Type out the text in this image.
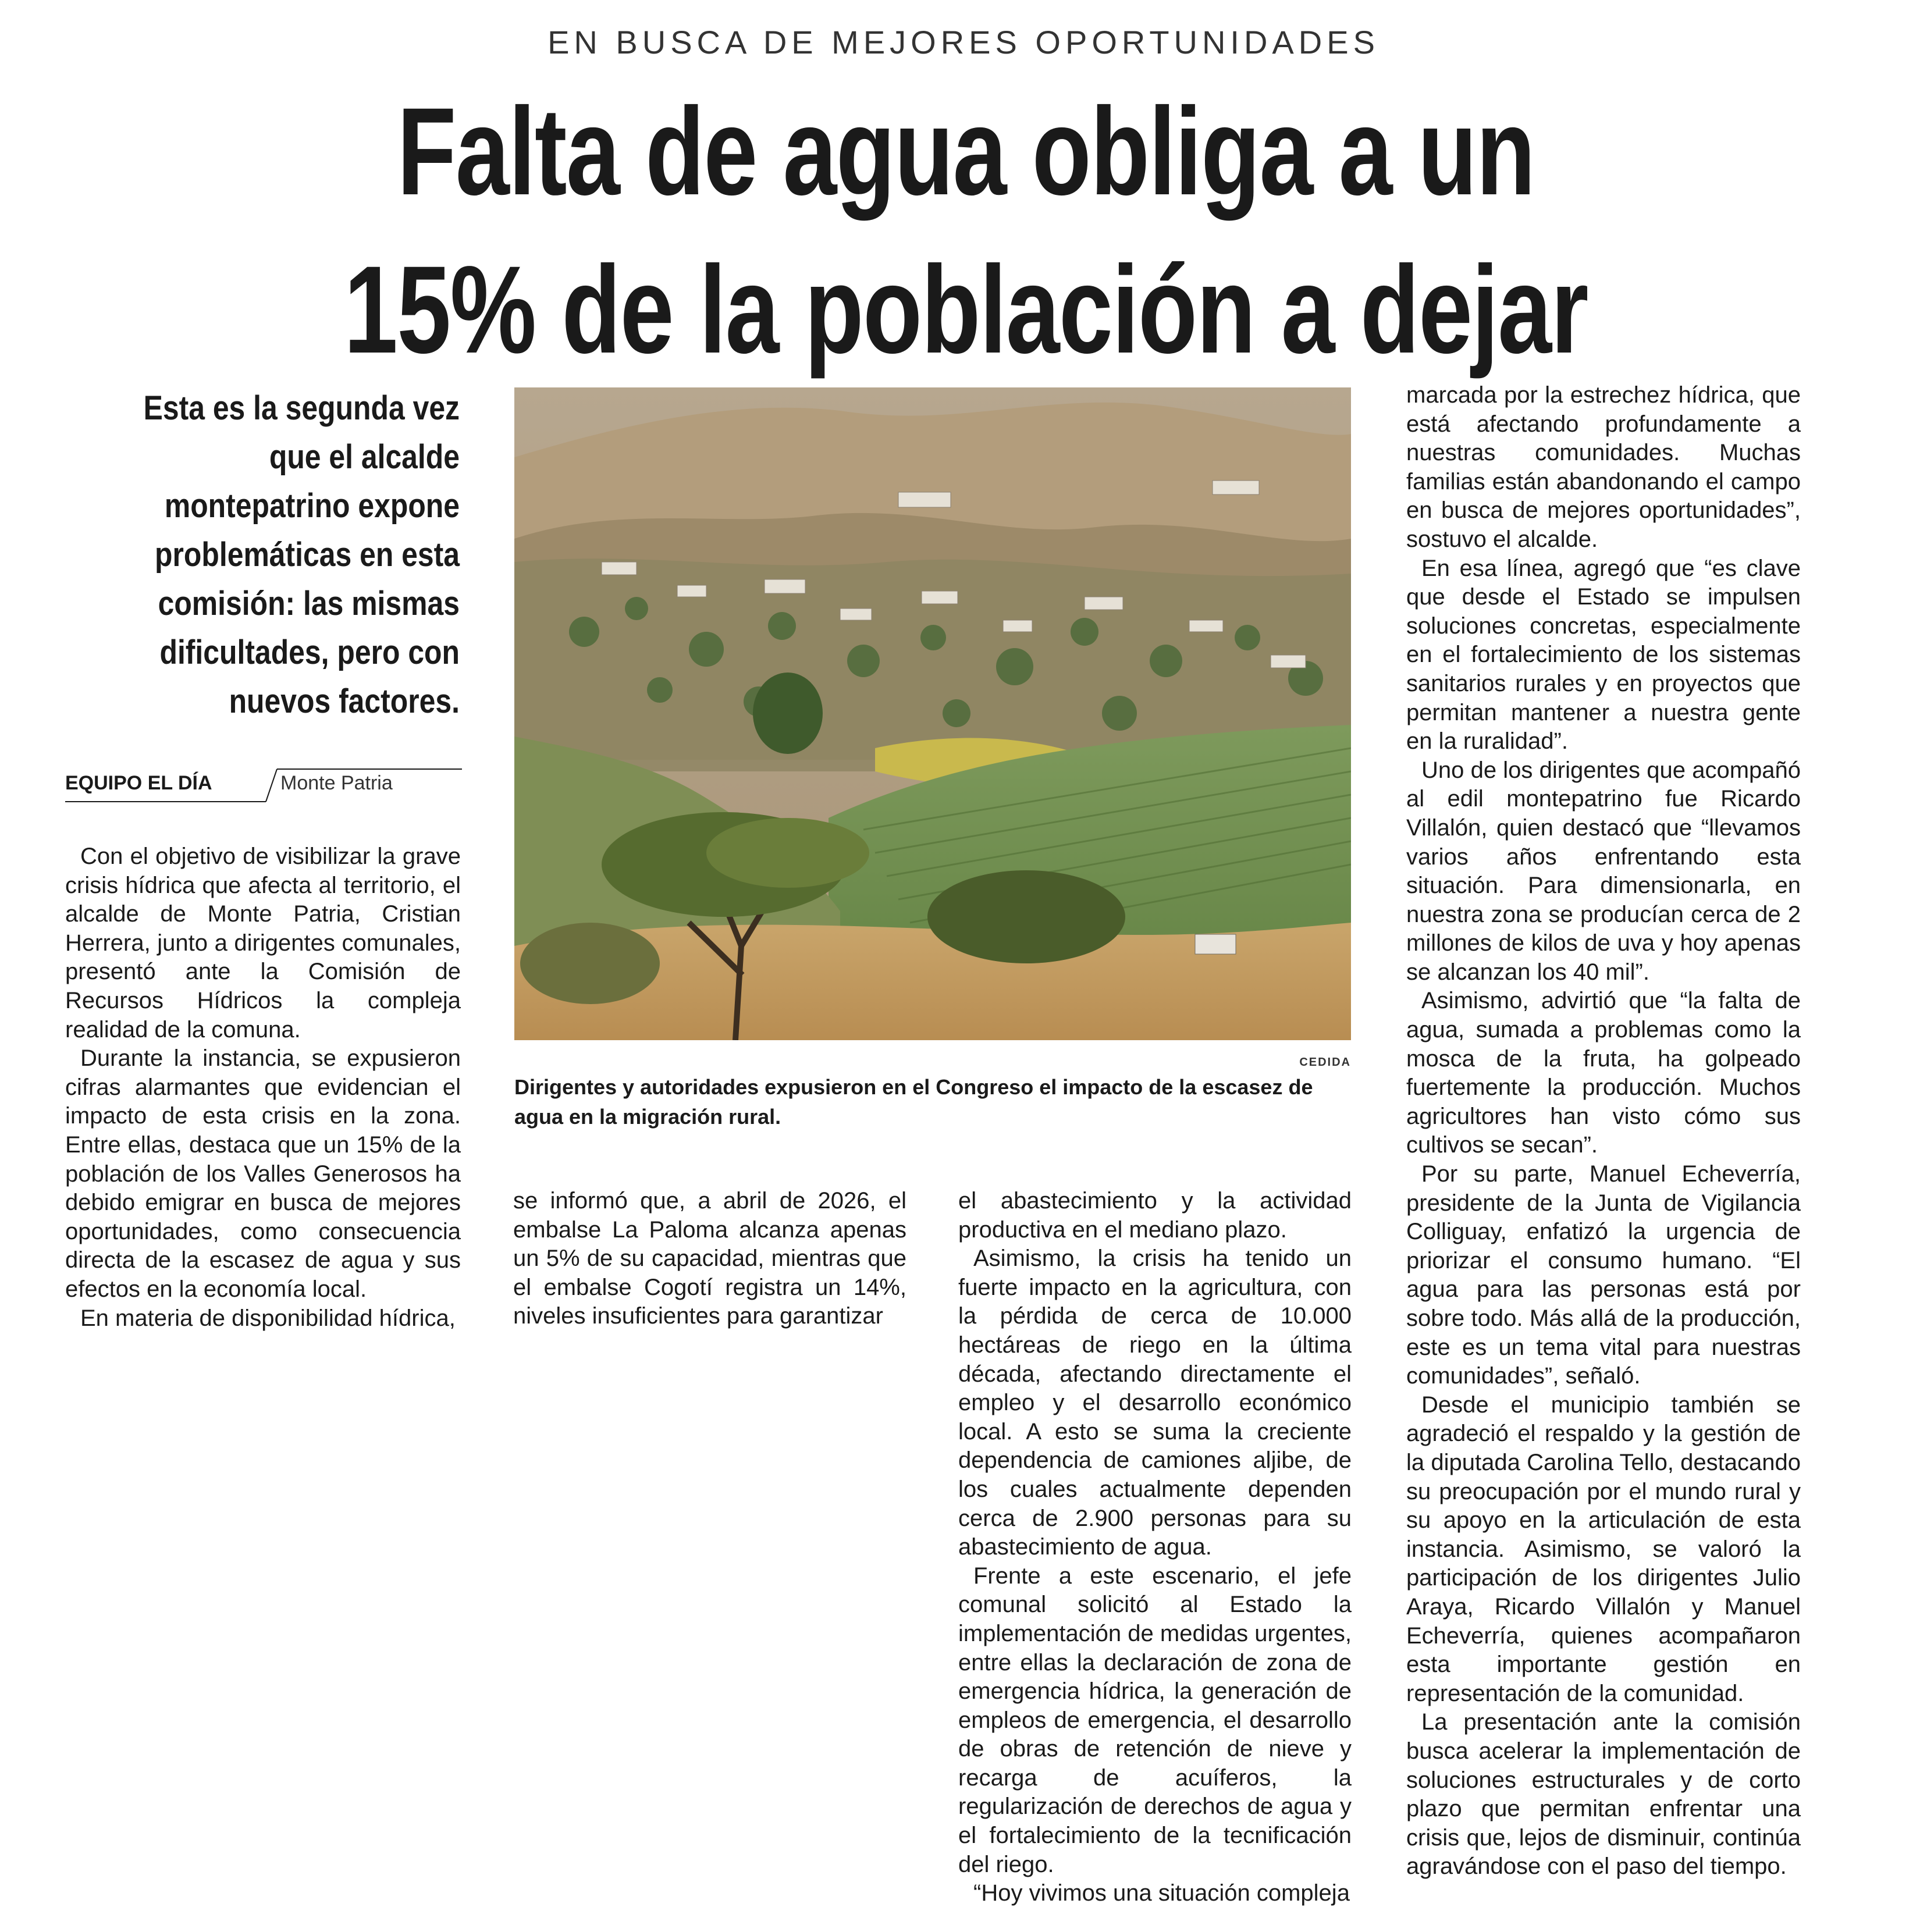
EN BUSCA DE MEJORES OPORTUNIDADES
Falta de agua obliga a un 15% de la población a dejar
Esta es la segunda vez que el alcalde montepatrino expone problemáticas en esta comisión: las mismas dificultades, pero con nuevos factores.
EQUIPO EL DÍA	Monte Patria

Con el objetivo de visibilizar la grave crisis hídrica que afecta al territorio, el alcalde de Monte Patria, Cristian Herrera, junto a dirigentes comunales, presentó ante la Comisión de Recursos Hídricos la compleja realidad de la comuna.

Durante la instancia, se expusieron cifras alarmantes que evidencian el impacto de esta crisis en la zona. Entre ellas, destaca que un 15% de la población de los Valles Generosos ha debido emigrar en busca de mejores oportunidades, como consecuencia directa de la escasez de agua y sus efectos en la economía local.

En materia de disponibilidad hídrica,

CEDIDA
Dirigentes y autoridades expusieron en el Congreso el impacto de la escasez de agua en la migración rural.

se informó que, a abril de 2026, el embalse La Paloma alcanza apenas un 5% de su capacidad, mientras que el embalse Cogotí registra un 14%, niveles insuficientes para garantizar

el abastecimiento y la actividad productiva en el mediano plazo.

Asimismo, la crisis ha tenido un fuerte impacto en la agricultura, con la pérdida de cerca de 10.000 hectáreas de riego en la última década, afectando directamente el empleo y el desarrollo económico local. A esto se suma la creciente dependencia de camiones aljibe, de los cuales actualmente dependen cerca de 2.900 personas para su abastecimiento de agua.

Frente a este escenario, el jefe comunal solicitó al Estado la implementación de medidas urgentes, entre ellas la declaración de zona de emergencia hídrica, la generación de empleos de emergencia, el desarrollo de obras de retención de nieve y recarga de acuíferos, la regularización de derechos de agua y el fortalecimiento de la tecnificación del riego.

“Hoy vivimos una situación compleja

marcada por la estrechez hídrica, que está afectando profundamente a nuestras comunidades. Muchas familias están abandonando el campo en busca de mejores oportunidades”, sostuvo el alcalde.

En esa línea, agregó que “es clave que desde el Estado se impulsen soluciones concretas, especialmente en el fortalecimiento de los sistemas sanitarios rurales y en proyectos que permitan mantener a nuestra gente en la ruralidad”.

Uno de los dirigentes que acompañó al edil montepatrino fue Ricardo Villalón, quien destacó que “llevamos varios años enfrentando esta situación. Para dimensionarla, en nuestra zona se producían cerca de 2 millones de kilos de uva y hoy apenas se alcanzan los 40 mil”.

Asimismo, advirtió que “la falta de agua, sumada a problemas como la mosca de la fruta, ha golpeado fuertemente la producción. Muchos agricultores han visto cómo sus cultivos se secan”.

Por su parte, Manuel Echeverría, presidente de la Junta de Vigilancia Colliguay, enfatizó la urgencia de priorizar el consumo humano. “El agua para las personas está por sobre todo. Más allá de la producción, este es un tema vital para nuestras comunidades”, señaló.

Desde el municipio también se agradeció el respaldo y la gestión de la diputada Carolina Tello, destacando su preocupación por el mundo rural y su apoyo en la articulación de esta instancia. Asimismo, se valoró la participación de los dirigentes Julio Araya, Ricardo Villalón y Manuel Echeverría, quienes acompañaron esta importante gestión en representación de la comunidad.

La presentación ante la comisión busca acelerar la implementación de soluciones estructurales y de corto plazo que permitan enfrentar una crisis que, lejos de disminuir, continúa agravándose con el paso del tiempo.
